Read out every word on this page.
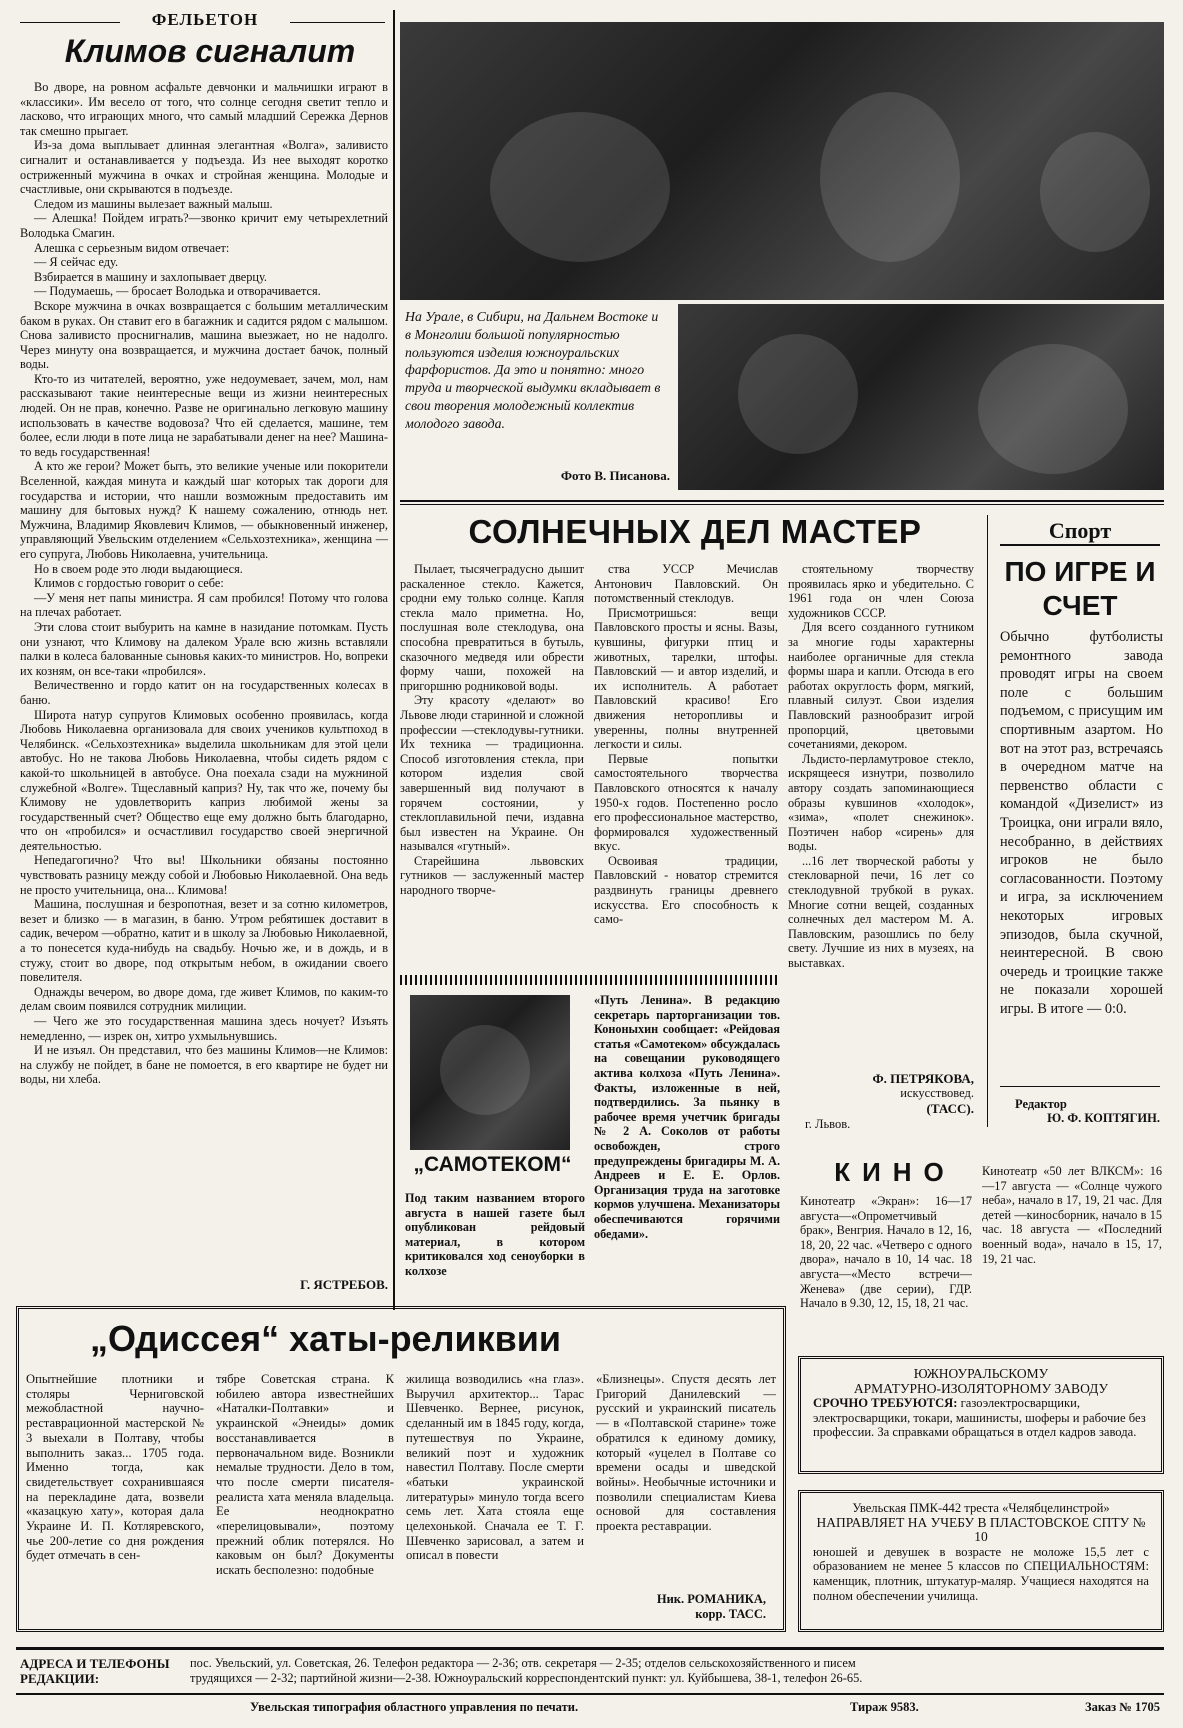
ФЕЛЬЕТОН
Климов сигналит

Во дворе, на ровном асфальте девчонки и мальчишки играют в «классики». Им весело от того, что солнце сегодня светит тепло и ласково, что играющих много, что самый младший Сережка Дернов так смешно прыгает.

Из-за дома выплывает длинная элегантная «Волга», заливисто сигналит и останавливается у подъезда. Из нее выходят коротко остриженный мужчина в очках и стройная женщина. Молодые и счастливые, они скрываются в подъезде.

Следом из машины вылезает важный малыш.

— Алешка! Пойдем играть?—звонко кричит ему четырехлетний Володька Смагин.

Алешка с серьезным видом отвечает:

— Я сейчас еду.

Взбирается в машину и захлопывает дверцу.

— Подумаешь, — бросает Володька и отворачивается.

Вскоре мужчина в очках возвращается с большим металлическим баком в руках. Он ставит его в багажник и садится рядом с малышом. Снова заливисто проснигналив, машина выезжает, но не надолго. Через минуту она возвращается, и мужчина достает бачок, полный воды.

Кто-то из читателей, вероятно, уже недоумевает, зачем, мол, нам рассказывают такие неинтересные вещи из жизни неинтересных людей. Он не прав, конечно. Разве не оригинально легковую машину использовать в качестве водовоза? Что ей сделается, машине, тем более, если люди в поте лица не зарабатывали денег на нее? Машина-то ведь государственная!

А кто же герои? Может быть, это великие ученые или покорители Вселенной, каждая минута и каждый шаг которых так дороги для государства и истории, что нашли возможным предоставить им машину для бытовых нужд? К нашему сожалению, отнюдь нет. Мужчина, Владимир Яковлевич Климов, — обыкновенный инженер, управляющий Увельским отделением «Сельхозтехника», женщина — его супруга, Любовь Николаевна, учительница.

Но в своем роде это люди выдающиеся.

Климов с гордостью говорит о себе:

—У меня нет папы министра. Я сам пробился! Потому что голова на плечах работает.

Эти слова стоит выбурить на камне в назидание потомкам. Пусть они узнают, что Климову на далеком Урале всю жизнь вставляли палки в колеса балованные сыновья каких-то министров. Но, вопреки их козням, он все-таки «пробился».

Величественно и гордо катит он на государственных колесах в баню.

Широта натур супругов Климовых особенно проявилась, когда Любовь Николаевна организовала для своих учеников культпоход в Челябинск. «Сельхозтехника» выделила школьникам для этой цели автобус. Но не такова Любовь Николаевна, чтобы сидеть рядом с какой-то школьницей в автобусе. Она поехала сзади на мужниной служебной «Волге». Тщеславный каприз? Ну, так что же, почему бы Климову не удовлетворить каприз любимой жены за государственный счет? Общество еще ему должно быть благодарно, что он «пробился» и осчастливил государство своей энергичной деятельностью.

Непедагогично? Что вы! Школьники обязаны постоянно чувствовать разницу между собой и Любовью Николаевной. Она ведь не просто учительница, она... Климова!

Машина, послушная и безропотная, везет и за сотню километров, везет и близко — в магазин, в баню. Утром ребятишек доставит в садик, вечером —обратно, катит и в школу за Любовью Николаевной, а то понесется куда-нибудь на свадьбу. Ночью же, и в дождь, и в стужу, стоит во дворе, под открытым небом, в ожидании своего повелителя.

Однажды вечером, во дворе дома, где живет Климов, по каким-то делам своим появился сотрудник милиции.

— Чего же это государственная машина здесь ночует? Изъять немедленно, — изрек он, хитро ухмыльнувшись.

И не изъял. Он представил, что без машины Климов—не Климов: на службу не пойдет, в бане не помоется, в его квартире не будет ни воды, ни хлеба.

Г. ЯСТРЕБОВ.
На Урале, в Сибири, на Дальнем Востоке и в Монголии большой популярностью пользуются изделия южноуральских фарфористов. Да это и понятно: много труда и творческой выдумки вкладывает в свои творения молодежный коллектив молодого завода.
Фото В. Писанова.
СОЛНЕЧНЫХ ДЕЛ МАСТЕР

Пылает, тысячеградусно дышит раскаленное стекло. Кажется, сродни ему только солнце. Капля стекла мало приметна. Но, послушная воле стеклодува, она способна превратиться в бутыль, сказочного медведя или обрести форму чаши, похожей на пригоршню родниковой воды.

Эту красоту «делают» во Львове люди старинной и сложной профессии —стеклодувы-гутники. Их техника — традиционна. Способ изготовления стекла, при котором изделия свой завершенный вид получают в горячем состоянии, у стеклоплавильной печи, издавна был известен на Украине. Он назывался «гутный».

Старейшина львовских гутников — заслуженный мастер народного творче-

ства УССР Мечислав Антонович Павловский. Он потомственный стеклодув.

Присмотришься: вещи Павловского просты и ясны. Вазы, кувшины, фигурки птиц и животных, тарелки, штофы. Павловский — и автор изделий, и их исполнитель. А работает Павловский красиво! Его движения неторопливы и уверенны, полны внутренней легкости и силы.

Первые попытки самостоятельного творчества Павловского относятся к началу 1950-х годов. Постепенно росло его профессиональное мастерство, формировался художественный вкус.

Освоивая традиции, Павловский - новатор стремится раздвинуть границы древнего искусства. Его способность к само-

стоятельному творчеству проявилась ярко и убедительно. С 1961 года он член Союза художников СССР.

Для всего созданного гутником за многие годы характерны наиболее органичные для стекла формы шара и капли. Отсюда в его работах округлость форм, мягкий, плавный силуэт. Свои изделия Павловский разнообразит игрой пропорций, цветовыми сочетаниями, декором.

Льдисто-перламутровое стекло, искрящееся изнутри, позволило автору создать запоминающиеся образы кувшинов «холодок», «зима», «полет снежинок». Поэтичен набор «сирень» для воды.

...16 лет творческой работы у стекловарной печи, 16 лет со стеклодувной трубкой в руках. Многие сотни вещей, созданных солнечных дел мастером М. А. Павловским, разошлись по белу свету. Лучшие из них в музеях, на выставках.

Ф. ПЕТРЯКОВА,
искусствовед.
(ТАСС).
г. Львов.
Спорт
ПО ИГРЕ И СЧЕТ
Обычно футболисты ремонтного завода проводят игры на своем поле с большим подъемом, с присущим им спортивным азартом. Но вот на этот раз, встречаясь в очередном матче на первенство области с командой «Дизелист» из Троицка, они играли вяло, несобранно, в действиях игроков не было согласованности. Поэтому и игра, за исключением некоторых игровых эпизодов, была скучной, неинтересной. В свою очередь и троицкие также не показали хорошей игры. В итоге — 0:0.
Редактор
Ю. Ф. КОПТЯГИН.
„САМОТЕКОМ“
Под таким названием второго августа в нашей газете был опубликован рейдовый материал, в котором критиковался ход сеноуборки в колхозе
«Путь Ленина». В редакцию секретарь парторганизации тов. Кононыхин сообщает: «Рейдовая статья «Самотеком» обсуждалась на совещании руководящего актива колхоза «Путь Ленина». Факты, изложенные в ней, подтвердились. За пьянку в рабочее время учетчик бригады № 2 А. Соколов от работы освобожден, строго предупреждены бригадиры М. А. Андреев и Е. Е. Орлов. Организация труда на заготовке кормов улучшена. Механизаторы обеспечиваются горячими обедами».
КИНО
Кинотеатр «Экран»: 16—17 августа—«Опрометчивый брак», Венгрия. Начало в 12, 16, 18, 20, 22 час. «Четверо с одного двора», начало в 10, 14 час. 18 августа—«Место встречи—Женева» (две серии), ГДР. Начало в 9.30, 12, 15, 18, 21 час.
Кинотеатр «50 лет ВЛКСМ»: 16—17 августа — «Солнце чужого неба», начало в 17, 19, 21 час. Для детей —киносборник, начало в 15 час. 18 августа — «Последний военный вода», начало в 15, 17, 19, 21 час.
„Одиссея“ хаты-реликвии
Опытнейшие плотники и столяры Черниговской межобластной научно-реставрационной мастерской № 3 выехали в Полтаву, чтобы выполнить заказ... 1705 года. Именно тогда, как свидетельствует сохранившаяся на перекладине дата, возвели «казацкую хату», которая дала Украине И. П. Котляревского, чье 200-летие со дня рождения будет отмечать в сен-
тябре Советская страна. К юбилею автора известнейших «Наталки-Полтавки» и украинской «Энеиды» домик восстанавливается в первоначальном виде. Возникли немалые трудности. Дело в том, что после смерти писателя-реалиста хата меняла владельца. Ее неоднократно «перелицовывали», поэтому прежний облик потерялся. Но каковым он был? Документы искать бесполезно: подобные
жилища возводились «на глаз». Выручил архитектор... Тарас Шевченко. Вернее, рисунок, сделанный им в 1845 году, когда, путешествуя по Украине, великий поэт и художник навестил Полтаву. После смерти «батьки украинской литературы» минуло тогда всего семь лет. Хата стояла еще целехонькой. Сначала ее Т. Г. Шевченко зарисовал, а затем и описал в повести
«Близнецы». Спустя десять лет Григорий Данилевский — русский и украинский писатель — в «Полтавской старине» тоже обратился к единому домику, который «уцелел в Полтаве со времени осады и шведской войны». Необычные источники и позволили специалистам Киева основой для составления проекта реставрации.
Ник. РОМАНИКА,
корр. ТАСС.
ЮЖНОУРАЛЬСКОМУ
АРМАТУРНО-ИЗОЛЯТОРНОМУ ЗАВОДУ
СРОЧНО ТРЕБУЮТСЯ: газоэлектросварщики, электросварщики, токари, машинисты, шоферы и рабочие без профессии. За справками обращаться в отдел кадров завода.
Увельская ПМК-442 треста «Челябцелинстрой»
НАПРАВЛЯЕТ НА УЧЕБУ В ПЛАСТОВСКОЕ СПТУ № 10
юношей и девушек в возрасте не моложе 15,5 лет с образованием не менее 5 классов по СПЕЦИАЛЬНОСТЯМ: каменщик, плотник, штукатур-маляр. Учащиеся находятся на полном обеспечении училища.
АДРЕСА И ТЕЛЕФОНЫ РЕДАКЦИИ:
пос. Увельский, ул. Советская, 26. Телефон редактора — 2-36; отв. секретаря — 2-35; отделов сельскохозяйственного и писем
трудящихся — 2-32; партийной жизни—2-38. Южноуральский корреспондентский пункт: ул. Куйбышева, 38-1, телефон 26-65.
Увельская типография областного управления по печати.	Тираж 9583.	Заказ № 1705
